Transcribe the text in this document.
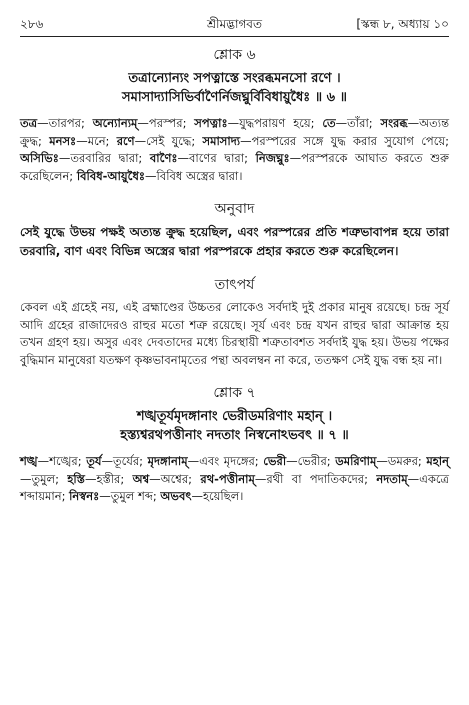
২৮৬	শ্রীমদ্ভাগবত	[স্কন্ধ ৮, অধ্যায় ১০
শ্লোক ৬
তত্রান্যোন্যং সপত্নাস্তে সংরব্ধমনসো রণে ।
সমাসাদ্যাসিভির্বাণৈর্নিজঘ্নুর্বিবিধায়ুধৈঃ ॥ ৬ ॥
তত্র—তারপর; অন্যোন্যম্—পরস্পর; সপত্নাঃ—যুদ্ধপরায়ণ হয়ে; তে—তাঁরা; সংরব্ধ—অত্যন্ত ক্রুদ্ধ; মনসঃ—মনে; রণে—সেই যুদ্ধে; সমাসাদ্য—পরস্পরের সঙ্গে যুদ্ধ করার সুযোগ পেয়ে; অসিভিঃ—তরবারির দ্বারা; বাণৈঃ—বাণের দ্বারা; নিজঘ্নুঃ—পরস্পরকে আঘাত করতে শুরু করেছিলেন; বিবিধ-আয়ুধৈঃ—বিবিধ অস্ত্রের দ্বারা।
অনুবাদ
সেই যুদ্ধে উভয় পক্ষই অত্যন্ত ক্রুদ্ধ হয়েছিল, এবং পরস্পরের প্রতি শত্রুভাবাপন্ন হয়ে তারা তরবারি, বাণ এবং বিভিন্ন অস্ত্রের দ্বারা পরস্পরকে প্রহার করতে শুরু করেছিলেন।
তাৎপর্য
কেবল এই গ্রহেই নয়, এই ব্রহ্মাণ্ডের উচ্চতর লোকেও সর্বদাই দুই প্রকার মানুষ রয়েছে। চন্দ্র সূর্য আদি গ্রহের রাজাদেরও রাহুর মতো শত্রু রয়েছে। সূর্য এবং চন্দ্র যখন রাহুর দ্বারা আক্রান্ত হয় তখন গ্রহণ হয়। অসুর এবং দেবতাদের মধ্যে চিরস্থায়ী শত্রুতাবশত সর্বদাই যুদ্ধ হয়। উভয় পক্ষের বুদ্ধিমান মানুষেরা যতক্ষণ কৃষ্ণভাবনামৃতের পন্থা অবলম্বন না করে, ততক্ষণ সেই যুদ্ধ বন্ধ হয় না।
শ্লোক ৭
শঙ্খতূর্যমৃদঙ্গানাং ভেরীডমরিণাং মহান্ ।
হস্ত্যশ্বরথপত্তীনাং নদতাং নিস্বনোঽভবৎ ॥ ৭ ॥
শঙ্খ—শঙ্খের; তূর্য—তূর্যের; মৃদঙ্গানাম্—এবং মৃদঙ্গের; ভেরী—ভেরীর; ডমরিণাম্—ডমরুর; মহান্—তুমুল; হস্তি—হস্তীর; অশ্ব—অশ্বের; রথ-পত্তীনাম্—রথী বা পদাতিকদের; নদতাম্—একত্রে শব্দায়মান; নিস্বনঃ—তুমুল শব্দ; অভবৎ—হয়েছিল।
